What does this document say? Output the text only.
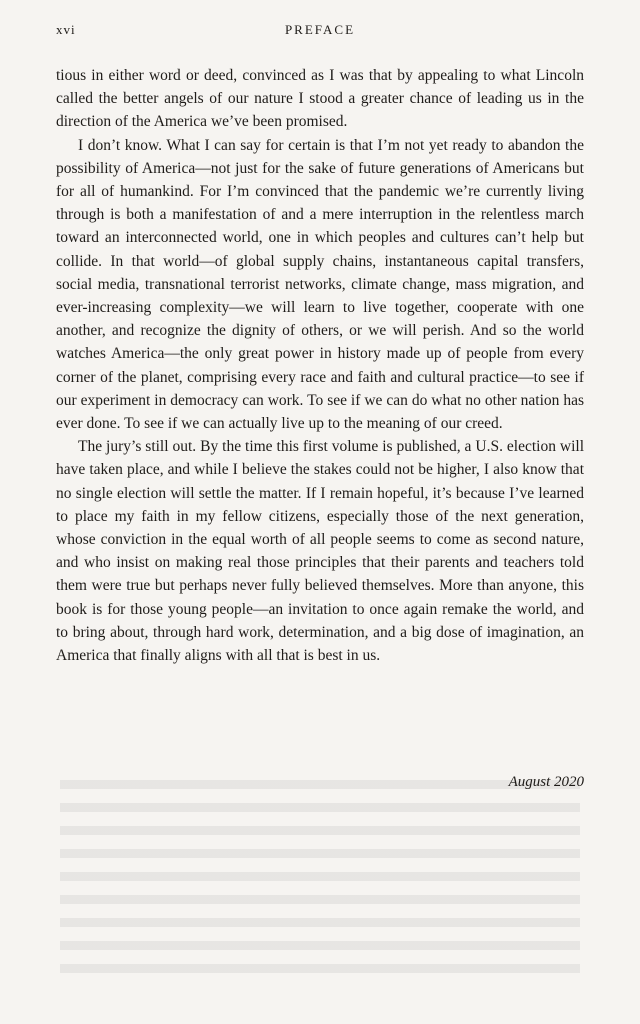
xvi	PREFACE

tious in either word or deed, convinced as I was that by appealing to what Lincoln called the better angels of our nature I stood a greater chance of leading us in the direction of the America we’ve been promised.

I don’t know. What I can say for certain is that I’m not yet ready to abandon the possibility of America—not just for the sake of future generations of Americans but for all of humankind. For I’m convinced that the pandemic we’re currently living through is both a manifestation of and a mere interruption in the relentless march toward an interconnected world, one in which peoples and cultures can’t help but collide. In that world—of global supply chains, instantaneous capital transfers, social media, transnational terrorist networks, climate change, mass migration, and ever-increasing complexity—we will learn to live together, cooperate with one another, and recognize the dignity of others, or we will perish. And so the world watches America—the only great power in history made up of people from every corner of the planet, comprising every race and faith and cultural practice—to see if our experiment in democracy can work. To see if we can do what no other nation has ever done. To see if we can actually live up to the meaning of our creed.

The jury’s still out. By the time this first volume is published, a U.S. election will have taken place, and while I believe the stakes could not be higher, I also know that no single election will settle the matter. If I remain hopeful, it’s because I’ve learned to place my faith in my fellow citizens, especially those of the next generation, whose conviction in the equal worth of all people seems to come as second nature, and who insist on making real those principles that their parents and teachers told them were true but perhaps never fully believed themselves. More than anyone, this book is for those young people—an invitation to once again remake the world, and to bring about, through hard work, determination, and a big dose of imagination, an America that finally aligns with all that is best in us.

August 2020
